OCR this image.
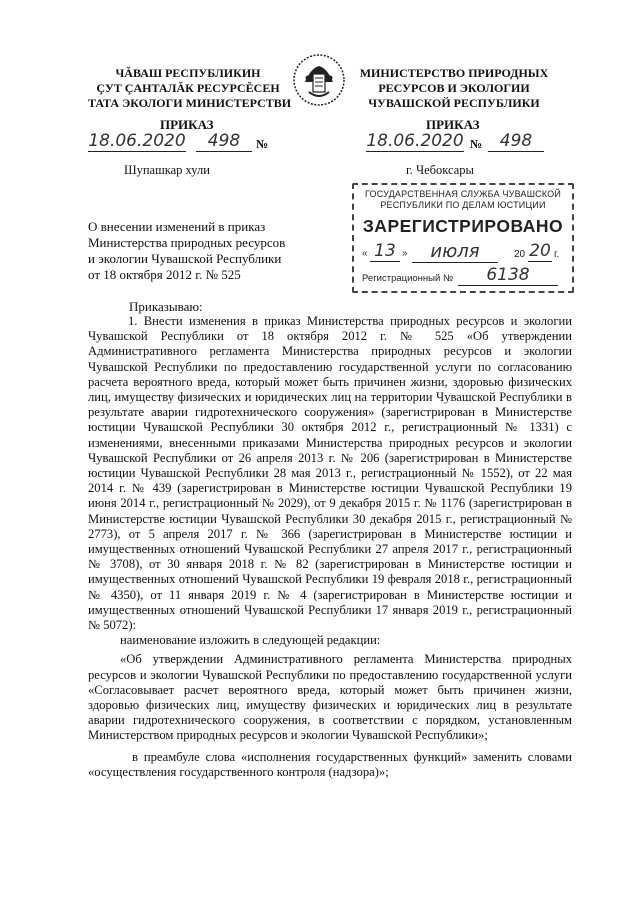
ЧĂВАШ РЕСПУБЛИКИН
ÇУТ ÇАНТАЛĂК РЕСУРСĔСЕН
ТАТА ЭКОЛОГИ МИНИСТЕРСТВИ
МИНИСТЕРСТВО ПРИРОДНЫХ
РЕСУРСОВ И ЭКОЛОГИИ
ЧУВАШСКОЙ РЕСПУБЛИКИ
ПРИКАЗ
18.06.2020	498	№
Шупашкар хули
ПРИКАЗ
18.06.2020 №	498
г. Чебоксары
ГОСУДАРСТВЕННАЯ СЛУЖБА ЧУВАШСКОЙ
РЕСПУБЛИКИ ПО ДЕЛАМ ЮСТИЦИИ
ЗАРЕГИСТРИРОВАНО
« 13 »	июля	20 20 г.
Регистрационный №	6138
О внесении изменений в приказ
Министерства природных ресурсов
и экологии Чувашской Республики
от 18 октября 2012 г. № 525
Приказываю:

1. Внести изменения в приказ Министерства природных ресурсов и экологии Чувашской Республики от 18 октября 2012 г. № 525 «Об утверждении Административного регламента Министерства природных ресурсов и экологии Чувашской Республики по предоставлению государственной услуги по согласованию расчета вероятного вреда, который может быть причинен жизни, здоровью физических лиц, имуществу физических и юридических лиц на территории Чувашской Республики в результате аварии гидротехнического сооружения» (зарегистрирован в Министерстве юстиции Чувашской Республики 30 октября 2012 г., регистрационный № 1331) с изменениями, внесенными приказами Министерства природных ресурсов и экологии Чувашской Республики от 26 апреля 2013 г. № 206 (зарегистрирован в Министерстве юстиции Чувашской Республики 28 мая 2013 г., регистрационный № 1552), от 22 мая 2014 г. № 439 (зарегистрирован в Министерстве юстиции Чувашской Республики 19 июня 2014 г., регистрационный № 2029), от 9 декабря 2015 г. № 1176 (зарегистрирован в Министерстве юстиции Чувашской Республики 30 декабря 2015 г., регистрационный № 2773), от 5 апреля 2017 г. № 366 (зарегистрирован в Министерстве юстиции и имущественных отношений Чувашской Республики 27 апреля 2017 г., регистрационный № 3708), от 30 января 2018 г. № 82 (зарегистрирован в Министерстве юстиции и имущественных отношений Чувашской Республики 19 февраля 2018 г., регистрационный № 4350), от 11 января 2019 г. № 4 (зарегистрирован в Министерстве юстиции и имущественных отношений Чувашской Республики 17 января 2019 г., регистрационный № 5072):

наименование изложить в следующей редакции:

«Об утверждении Административного регламента Министерства природных ресурсов и экологии Чувашской Республики по предоставлению государственной услуги «Согласовывает расчет вероятного вреда, который может быть причинен жизни, здоровью физических лиц, имуществу физических и юридических лиц в результате аварии гидротехнического сооружения, в соответствии с порядком, установленным Министерством природных ресурсов и экологии Чувашской Республики»;

в преамбуле слова «исполнения государственных функций» заменить словами «осуществления государственного контроля (надзора)»;
